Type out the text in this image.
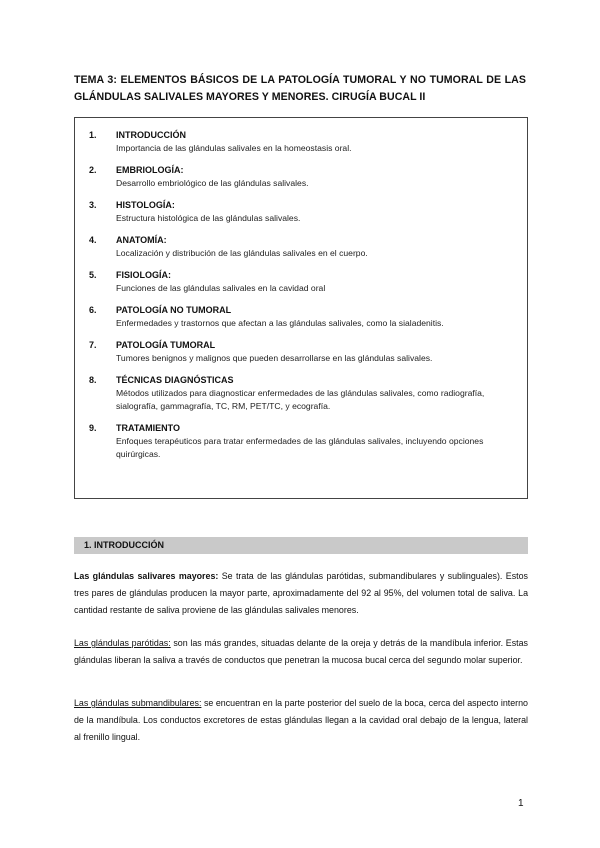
TEMA 3: ELEMENTOS BÁSICOS DE LA PATOLOGÍA TUMORAL Y NO TUMORAL DE LAS GLÁNDULAS SALIVALES MAYORES Y MENORES. CIRUGÍA BUCAL II
1. INTRODUCCIÓN
Importancia de las glándulas salivales en la homeostasis oral.
2. EMBRIOLOGÍA:
Desarrollo embriológico de las glándulas salivales.
3. HISTOLOGÍA:
Estructura histológica de las glándulas salivales.
4. ANATOMÍA:
Localización y distribución de las glándulas salivales en el cuerpo.
5. FISIOLOGÍA:
Funciones de las glándulas salivales en la cavidad oral
6. PATOLOGÍA NO TUMORAL
Enfermedades y trastornos que afectan a las glándulas salivales, como la sialadenitis.
7. PATOLOGÍA TUMORAL
Tumores benignos y malignos que pueden desarrollarse en las glándulas salivales.
8. TÉCNICAS DIAGNÓSTICAS
Métodos utilizados para diagnosticar enfermedades de las glándulas salivales, como radiografía, sialografía, gammagrafía, TC, RM, PET/TC, y ecografía.
9. TRATAMIENTO
Enfoques terapéuticos para tratar enfermedades de las glándulas salivales, incluyendo opciones quirúrgicas.
1. INTRODUCCIÓN

Las glándulas salivares mayores: Se trata de las glándulas parótidas, submandibulares y sublinguales). Estos tres pares de glándulas producen la mayor parte, aproximadamente del 92 al 95%, del volumen total de saliva. La cantidad restante de saliva proviene de las glándulas salivales menores.

Las glándulas parótidas: son las más grandes, situadas delante de la oreja y detrás de la mandíbula inferior. Estas glándulas liberan la saliva a través de conductos que penetran la mucosa bucal cerca del segundo molar superior.

Las glándulas submandibulares: se encuentran en la parte posterior del suelo de la boca, cerca del aspecto interno de la mandíbula. Los conductos excretores de estas glándulas llegan a la cavidad oral debajo de la lengua, lateral al frenillo lingual.

1
